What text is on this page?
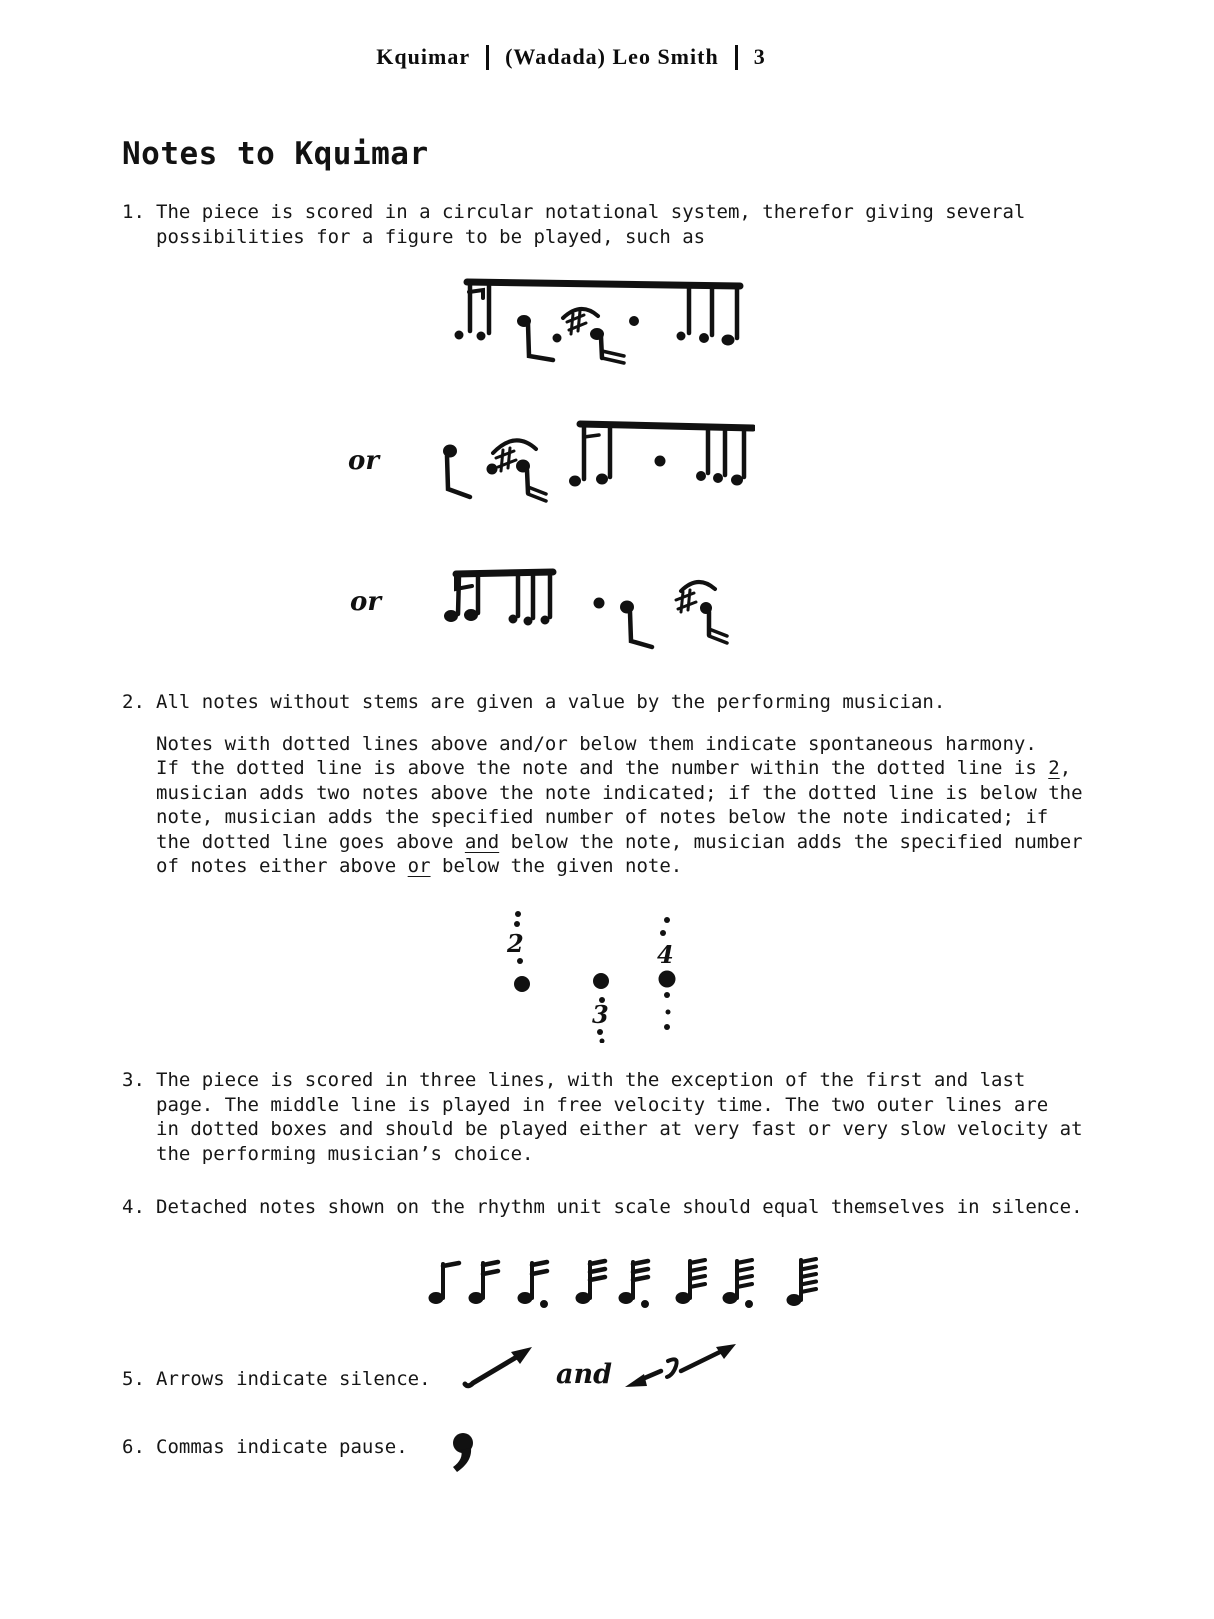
Kquimar (Wadada) Leo Smith 3
Notes to Kquimar
1. The piece is scored in a circular notational system, therefor giving several
possibilities for a figure to be played, such as
2. All notes without stems are given a value by the performing musician.
Notes with dotted lines above and/or below them indicate spontaneous harmony.
If the dotted line is above the note and the number within the dotted line is 2,
musician adds two notes above the note indicated; if the dotted line is below the
note, musician adds the specified number of notes below the note indicated; if
the dotted line goes above and below the note, musician adds the specified number
of notes either above or below the given note.
3. The piece is scored in three lines, with the exception of the first and last
page. The middle line is played in free velocity time. The two outer lines are
in dotted boxes and should be played either at very fast or very slow velocity at
the performing musician’s choice.
4. Detached notes shown on the rhythm unit scale should equal themselves in silence.
5. Arrows indicate silence.
6. Commas indicate pause.
or
or
2
3
4
and
